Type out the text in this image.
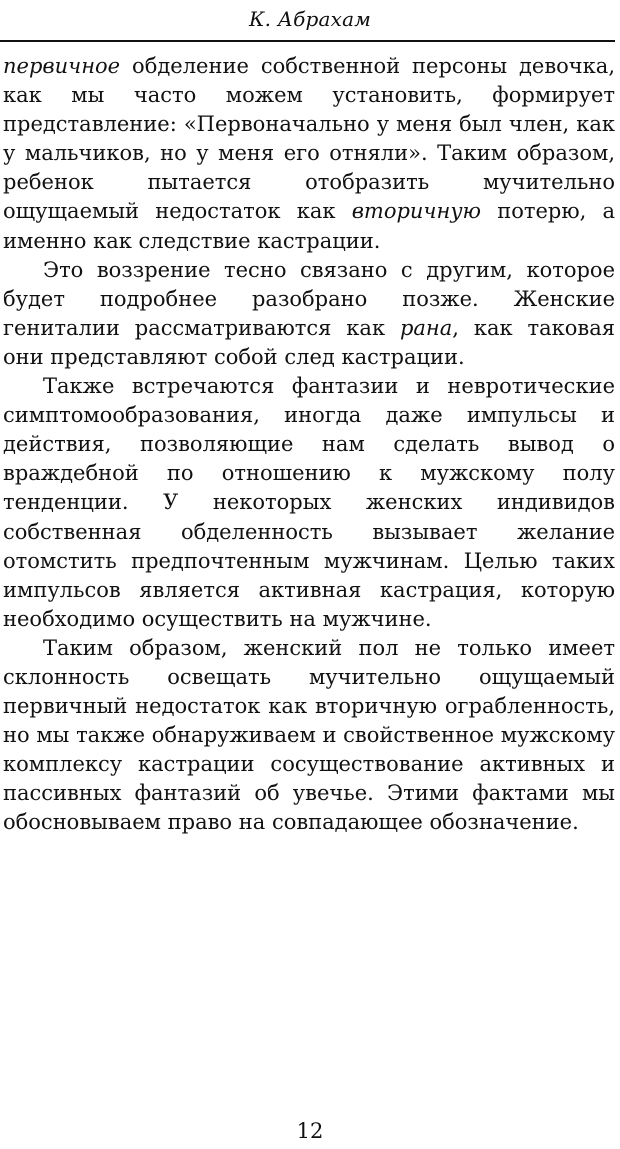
К. Абрахам

первичное обделение собственной персоны девочка, как мы часто можем установить, формирует представление: «Первоначально у меня был член, как у мальчиков, но у меня его отняли». Таким образом, ребенок пытается отобразить мучительно ощущаемый недостаток как вторичную потерю, а именно как следствие кастрации.

Это воззрение тесно связано с другим, которое будет подробнее разобрано позже. Женские гениталии рассматриваются как рана, как таковая они представляют собой след кастрации.

Также встречаются фантазии и невротические симптомообразования, иногда даже импульсы и действия, позволяющие нам сделать вывод о враждебной по отношению к мужскому полу тенденции. У некоторых женских индивидов собственная обделенность вызывает желание отомстить предпочтенным мужчинам. Целью таких импульсов является активная кастрация, которую необходимо осуществить на мужчине.

Таким образом, женский пол не только имеет склонность освещать мучительно ощущаемый первичный недостаток как вторичную ограбленность, но мы также обнаруживаем и свойственное мужскому комплексу кастрации сосуществование активных и пассивных фантазий об увечье. Этими фактами мы обосновываем право на совпадающее обозначение.

12
